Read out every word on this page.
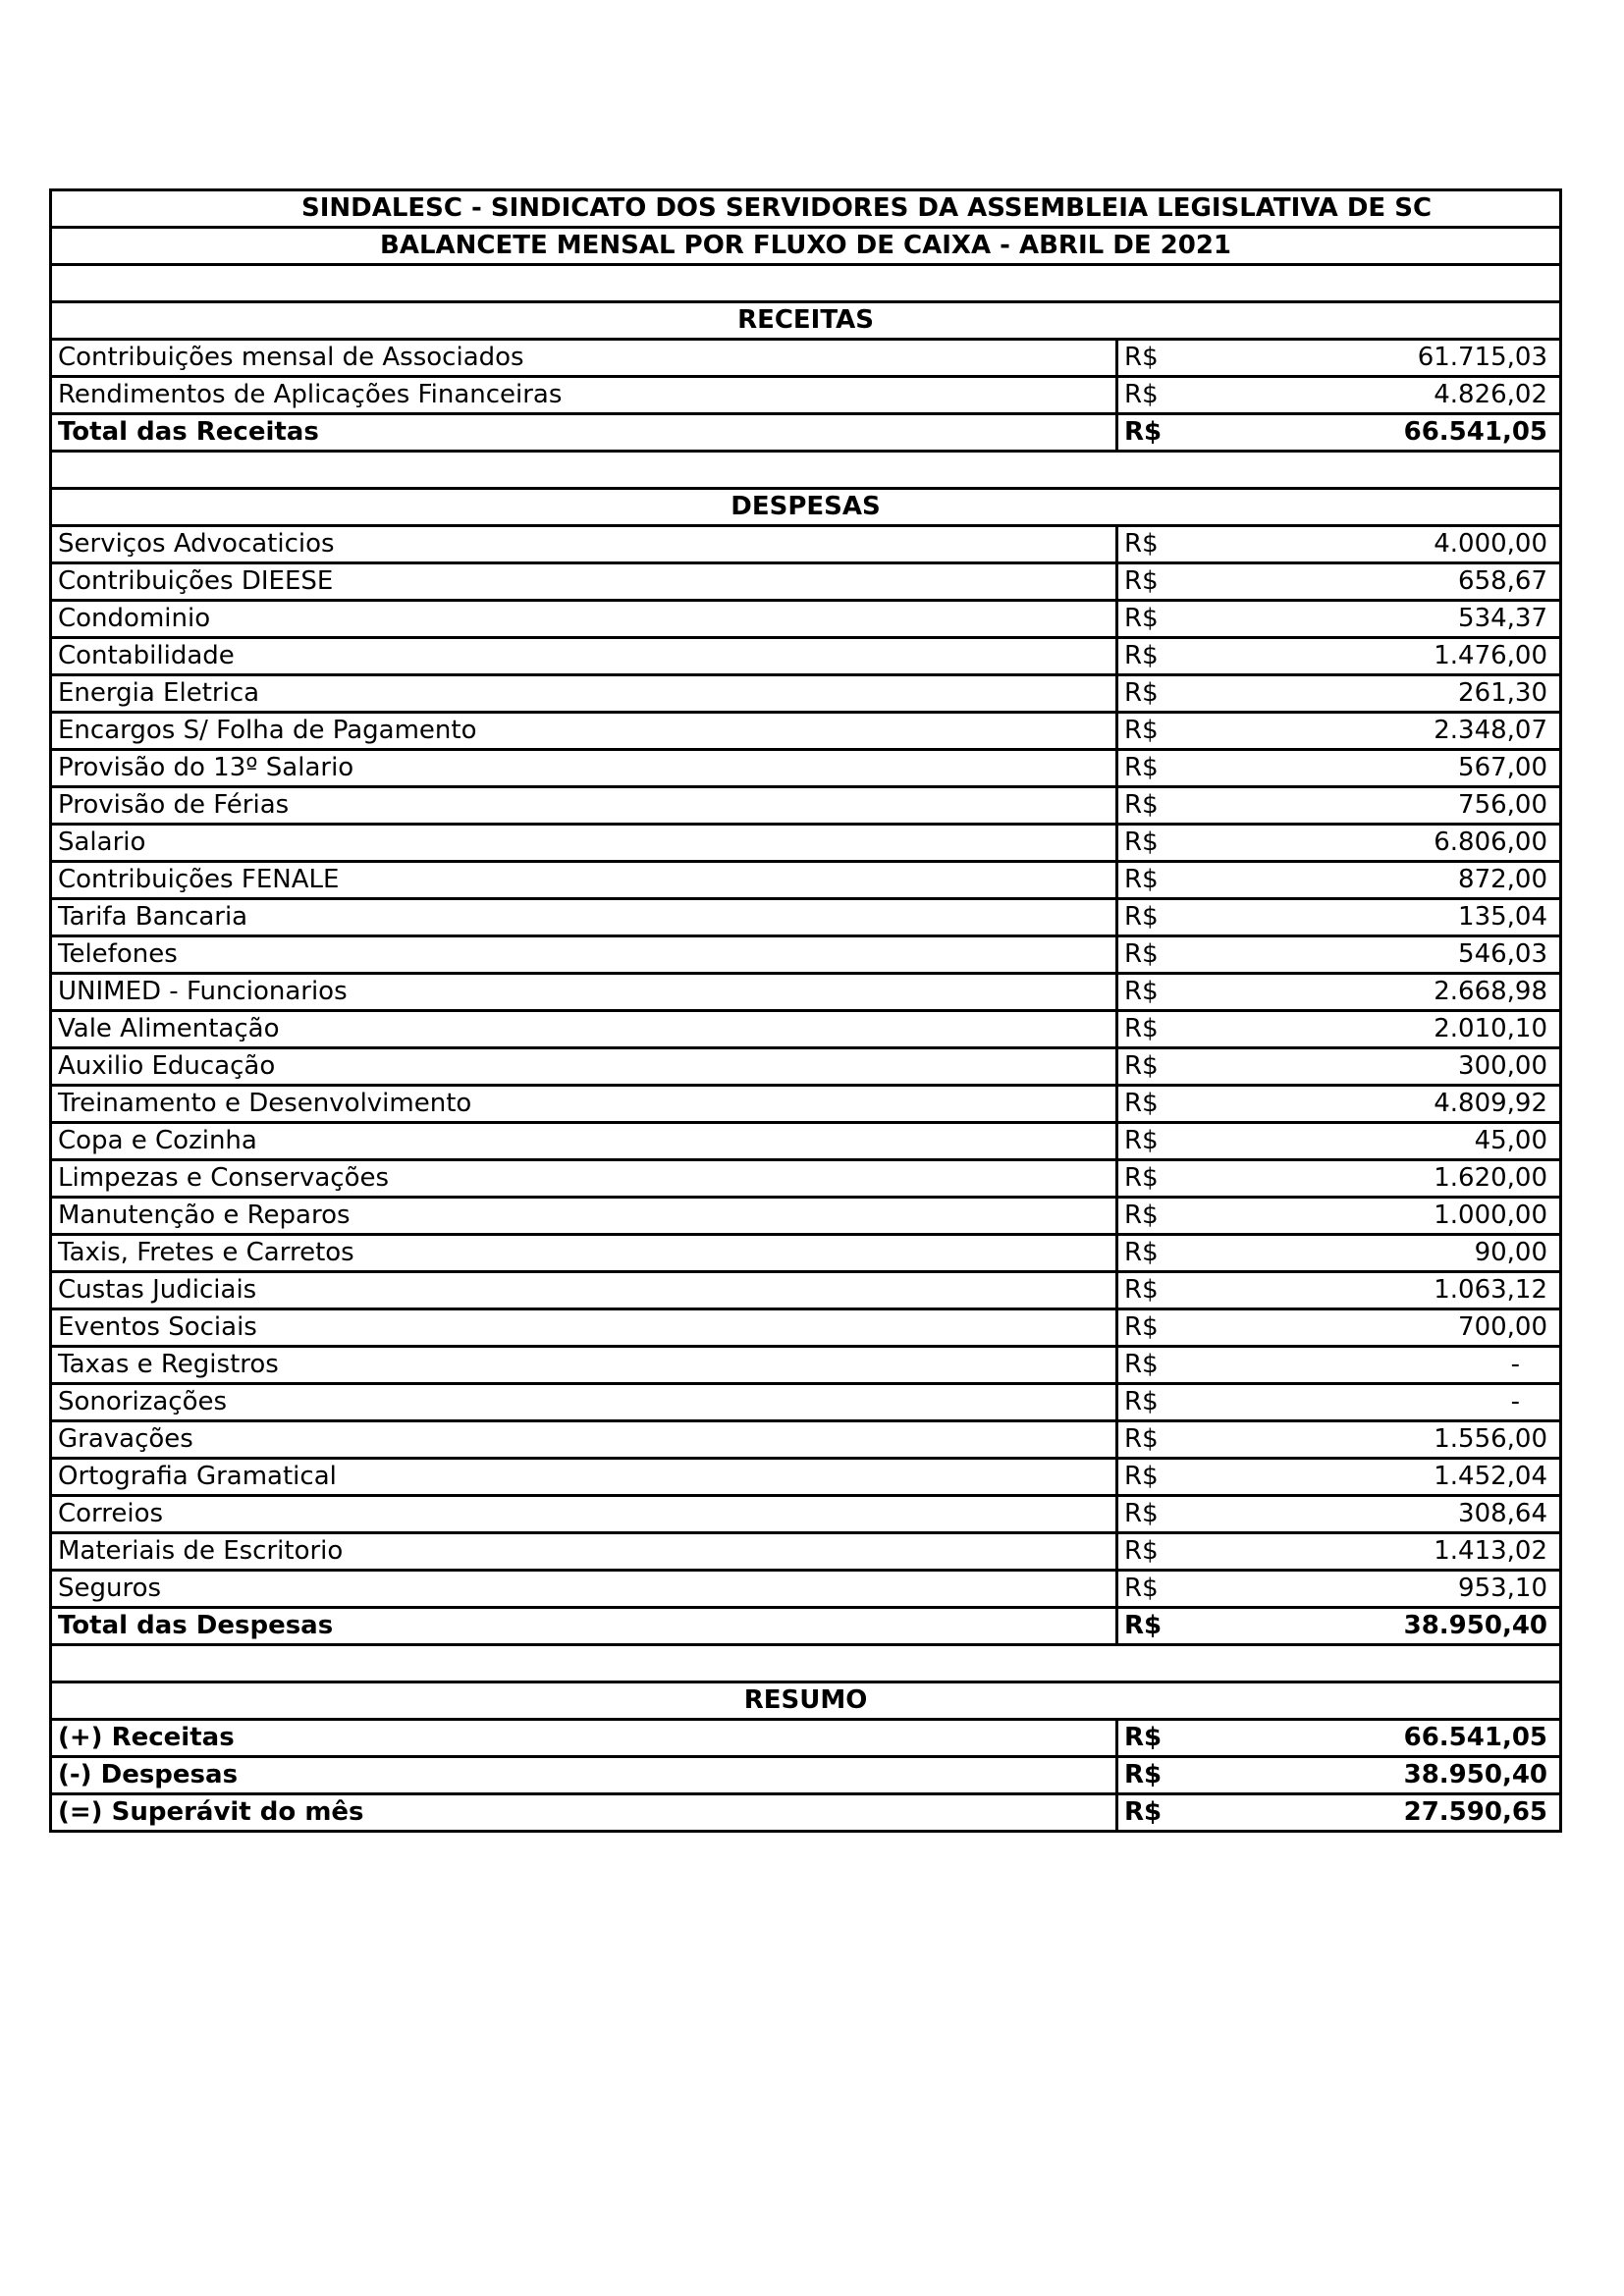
SINDALESC - SINDICATO DOS SERVIDORES DA ASSEMBLEIA LEGISLATIVA DE SC		
BALANCETE MENSAL POR FLUXO DE CAIXA - ABRIL DE 2021		

RECEITAS		
Contribuições mensal de Associados	R$	61.715,03
Rendimentos de Aplicações Financeiras	R$	4.826,02
Total das Receitas	R$	66.541,05

DESPESAS		
Serviços Advocaticios	R$	4.000,00
Contribuições DIEESE	R$	658,67
Condominio	R$	534,37
Contabilidade	R$	1.476,00
Energia Eletrica	R$	261,30
Encargos S/ Folha de Pagamento	R$	2.348,07
Provisão do 13º Salario	R$	567,00
Provisão de Férias	R$	756,00
Salario	R$	6.806,00
Contribuições FENALE	R$	872,00
Tarifa Bancaria	R$	135,04
Telefones	R$	546,03
UNIMED - Funcionarios	R$	2.668,98
Vale Alimentação	R$	2.010,10
Auxilio Educação	R$	300,00
Treinamento e Desenvolvimento	R$	4.809,92
Copa e Cozinha	R$	45,00
Limpezas e Conservações	R$	1.620,00
Manutenção e Reparos	R$	1.000,00
Taxis, Fretes e Carretos	R$	90,00
Custas Judiciais	R$	1.063,12
Eventos Sociais	R$	700,00
Taxas e Registros	R$	-
Sonorizações	R$	-
Gravações	R$	1.556,00
Ortografia Gramatical	R$	1.452,04
Correios	R$	308,64
Materiais de Escritorio	R$	1.413,02
Seguros	R$	953,10
Total das Despesas	R$	38.950,40

RESUMO		
(+) Receitas	R$	66.541,05
(-) Despesas	R$	38.950,40
(=) Superávit do mês	R$	27.590,65
